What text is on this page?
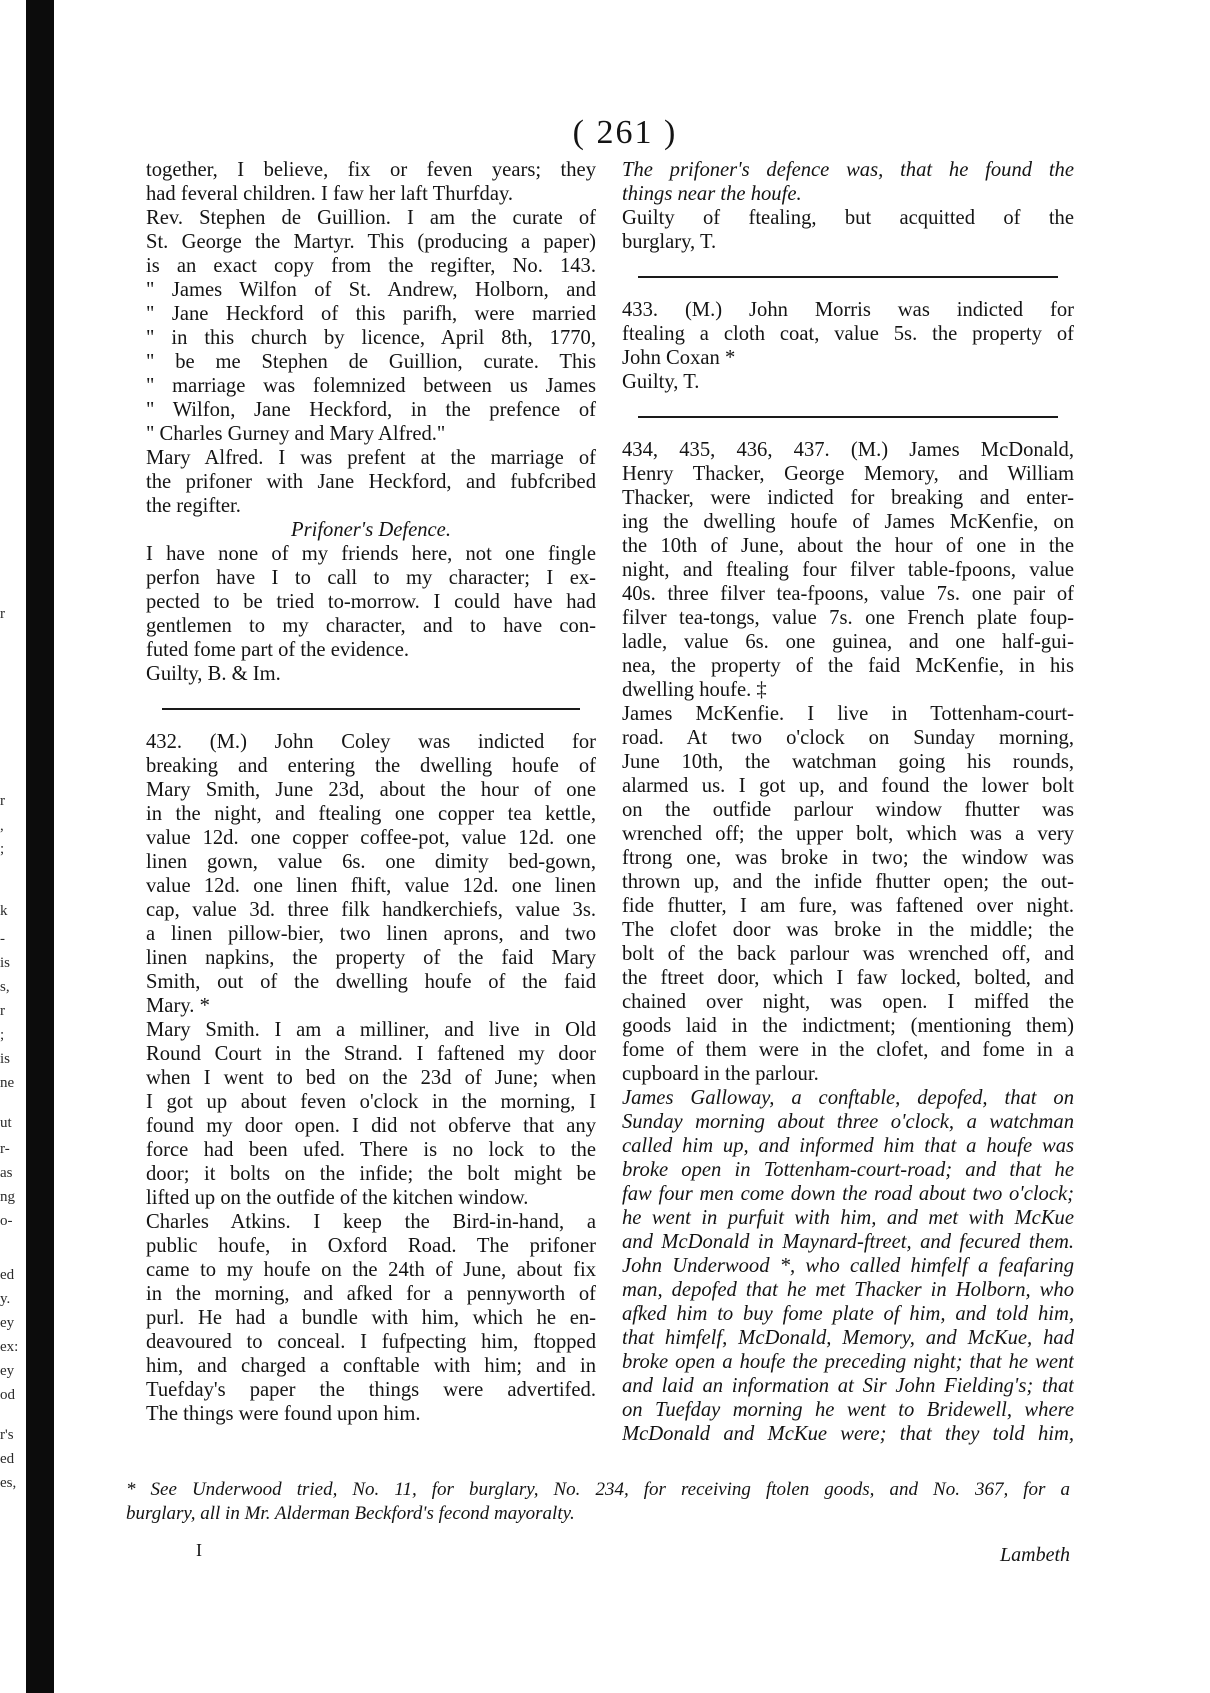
r
r
,
;
k
-
is
s,
r
;
is
ne
ut
r-
as
ng
o-
ed
y.
ey
ex:
ey
od
r's
ed
es,
( 261 )
together, I believe, fix or feven years; they
had feveral children. I faw her laft Thurfday.
Rev. Stephen de Guillion. I am the curate of
St. George the Martyr. This (producing a paper)
is an exact copy from the regifter, No. 143.
" James Wilfon of St. Andrew, Holborn, and
" Jane Heckford of this parifh, were married
" in this church by licence, April 8th, 1770,
" be me Stephen de Guillion, curate. This
" marriage was folemnized between us James
" Wilfon, Jane Heckford, in the prefence of
" Charles Gurney and Mary Alfred."
Mary Alfred. I was prefent at the marriage of
the prifoner with Jane Heckford, and fubfcribed
the regifter.
Prifoner's Defence.
I have none of my friends here, not one fingle
perfon have I to call to my character; I ex-
pected to be tried to-morrow. I could have had
gentlemen to my character, and to have con-
futed fome part of the evidence.
Guilty, B. & Im.
432. (M.) John Coley was indicted for
breaking and entering the dwelling houfe of
Mary Smith, June 23d, about the hour of one
in the night, and ftealing one copper tea kettle,
value 12d. one copper coffee-pot, value 12d. one
linen gown, value 6s. one dimity bed-gown,
value 12d. one linen fhift, value 12d. one linen
cap, value 3d. three filk handkerchiefs, value 3s.
a linen pillow-bier, two linen aprons, and two
linen napkins, the property of the faid Mary
Smith, out of the dwelling houfe of the faid
Mary. *
Mary Smith. I am a milliner, and live in Old
Round Court in the Strand. I faftened my door
when I went to bed on the 23d of June; when
I got up about feven o'clock in the morning, I
found my door open. I did not obferve that any
force had been ufed. There is no lock to the
door; it bolts on the infide; the bolt might be
lifted up on the outfide of the kitchen window.
Charles Atkins. I keep the Bird-in-hand, a
public houfe, in Oxford Road. The prifoner
came to my houfe on the 24th of June, about fix
in the morning, and afked for a pennyworth of
purl. He had a bundle with him, which he en-
deavoured to conceal. I fufpecting him, ftopped
him, and charged a conftable with him; and in
Tuefday's paper the things were advertifed.
The things were found upon him.
The prifoner's defence was, that he found the
things near the houfe.
Guilty of ftealing, but acquitted of the
burglary, T.
433. (M.) John Morris was indicted for
ftealing a cloth coat, value 5s. the property of
John Coxan *
Guilty, T.
434, 435, 436, 437. (M.) James McDonald,
Henry Thacker, George Memory, and William
Thacker, were indicted for breaking and enter-
ing the dwelling houfe of James McKenfie, on
the 10th of June, about the hour of one in the
night, and ftealing four filver table-fpoons, value
40s. three filver tea-fpoons, value 7s. one pair of
filver tea-tongs, value 7s. one French plate foup-
ladle, value 6s. one guinea, and one half-gui-
nea, the property of the faid McKenfie, in his
dwelling houfe. ‡
James McKenfie. I live in Tottenham-court-
road. At two o'clock on Sunday morning,
June 10th, the watchman going his rounds,
alarmed us. I got up, and found the lower bolt
on the outfide parlour window fhutter was
wrenched off; the upper bolt, which was a very
ftrong one, was broke in two; the window was
thrown up, and the infide fhutter open; the out-
fide fhutter, I am fure, was faftened over night.
The clofet door was broke in the middle; the
bolt of the back parlour was wrenched off, and
the ftreet door, which I faw locked, bolted, and
chained over night, was open. I miffed the
goods laid in the indictment; (mentioning them)
fome of them were in the clofet, and fome in a
cupboard in the parlour.
James Galloway, a conftable, depofed, that on
Sunday morning about three o'clock, a watchman
called him up, and informed him that a houfe was
broke open in Tottenham-court-road; and that he
faw four men come down the road about two o'clock;
he went in purfuit with him, and met with McKue
and McDonald in Maynard-ftreet, and fecured them.
John Underwood *, who called himfelf a feafaring
man, depofed that he met Thacker in Holborn, who
afked him to buy fome plate of him, and told him,
that himfelf, McDonald, Memory, and McKue, had
broke open a houfe the preceding night; that he went
and laid an information at Sir John Fielding's; that
on Tuefday morning he went to Bridewell, where
McDonald and McKue were; that they told him,
* See Underwood tried, No. 11, for burglary, No. 234, for receiving ftolen goods, and No. 367, for a
burglary, all in Mr. Alderman Beckford's fecond mayoralty.
I	Lambeth
